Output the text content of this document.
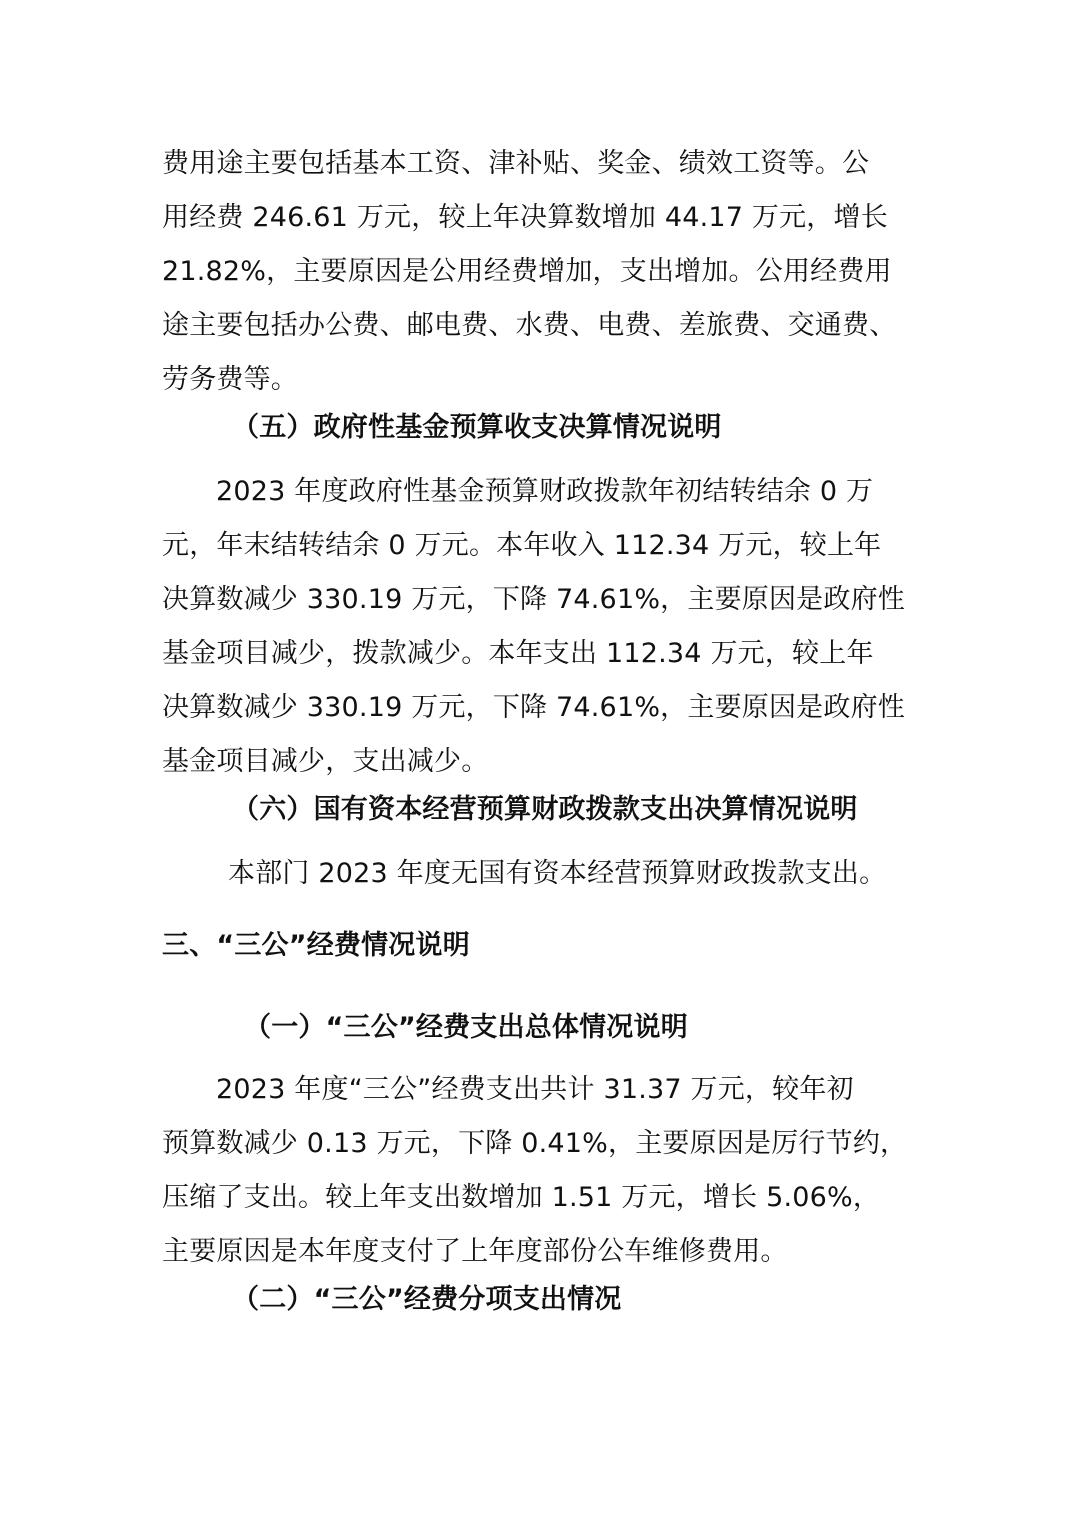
费用途主要包括基本工资、津补贴、奖金、绩效工资等。公
用经费 246.61 万元，较上年决算数增加 44.17 万元，增长
21.82%，主要原因是公用经费增加，支出增加。公用经费用
途主要包括办公费、邮电费、水费、电费、差旅费、交通费、
劳务费等。
（五）政府性基金预算收支决算情况说明
2023 年度政府性基金预算财政拨款年初结转结余 0 万
元，年末结转结余 0 万元。本年收入 112.34 万元，较上年
决算数减少 330.19 万元，下降 74.61%，主要原因是政府性
基金项目减少，拨款减少。本年支出 112.34 万元，较上年
决算数减少 330.19 万元，下降 74.61%，主要原因是政府性
基金项目减少，支出减少。
（六）国有资本经营预算财政拨款支出决算情况说明
本部门 2023 年度无国有资本经营预算财政拨款支出。
三、“三公”经费情况说明
（一）“三公”经费支出总体情况说明
2023 年度“三公”经费支出共计 31.37 万元，较年初
预算数减少 0.13 万元，下降 0.41%，主要原因是厉行节约，
压缩了支出。较上年支出数增加 1.51 万元，增长 5.06%，
主要原因是本年度支付了上年度部份公车维修费用。
（二）“三公”经费分项支出情况
